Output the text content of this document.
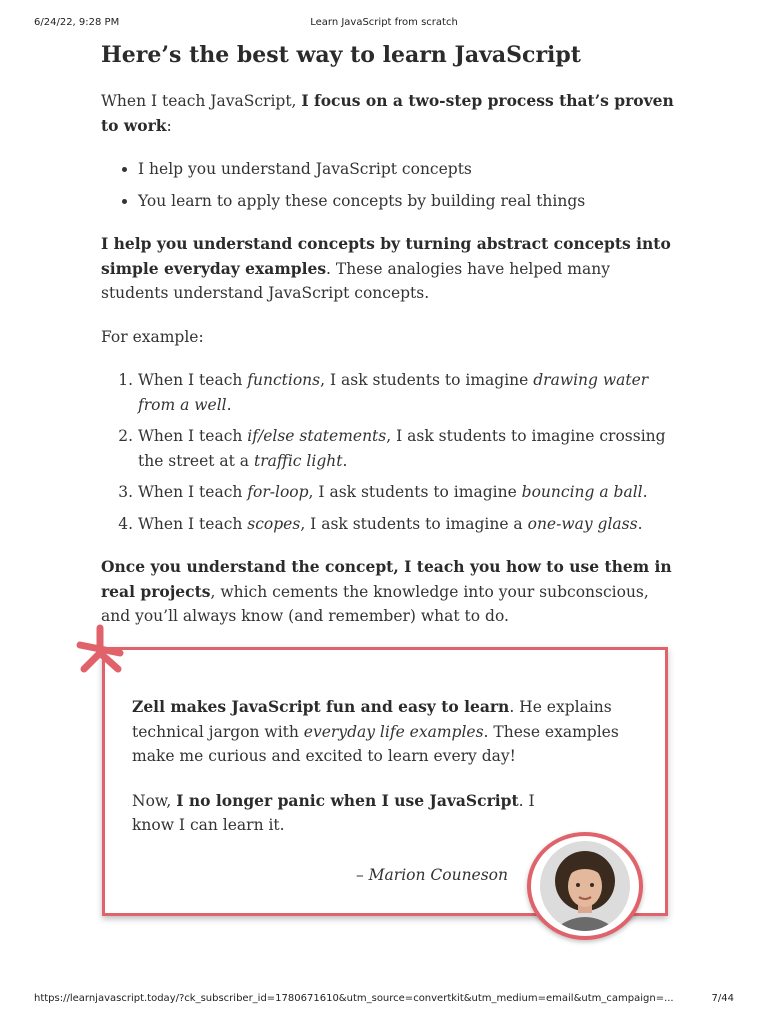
6/24/22, 9:28 PM	Learn JavaScript from scratch
Here’s the best way to learn JavaScript

When I teach JavaScript, I focus on a two-step process that’s proven to work:

• I help you understand JavaScript concepts
• You learn to apply these concepts by building real things

I help you understand concepts by turning abstract concepts into simple everyday examples. These analogies have helped many students understand JavaScript concepts.

For example:

1. When I teach functions, I ask students to imagine drawing water from a well.
2. When I teach if/else statements, I ask students to imagine crossing the street at a traffic light.
3. When I teach for-loop, I ask students to imagine bouncing a ball.
4. When I teach scopes, I ask students to imagine a one-way glass.

Once you understand the concept, I teach you how to use them in real projects, which cements the knowledge into your subconscious, and you’ll always know (and remember) what to do.

Zell makes JavaScript fun and easy to learn. He explains technical jargon with everyday life examples. These examples make me curious and excited to learn every day!

Now, I no longer panic when I use JavaScript. I know I can learn it.

– Marion Couneson
https://learnjavascript.today/?ck_subscriber_id=1780671610&utm_source=convertkit&utm_medium=email&utm_campaign=...	7/44
